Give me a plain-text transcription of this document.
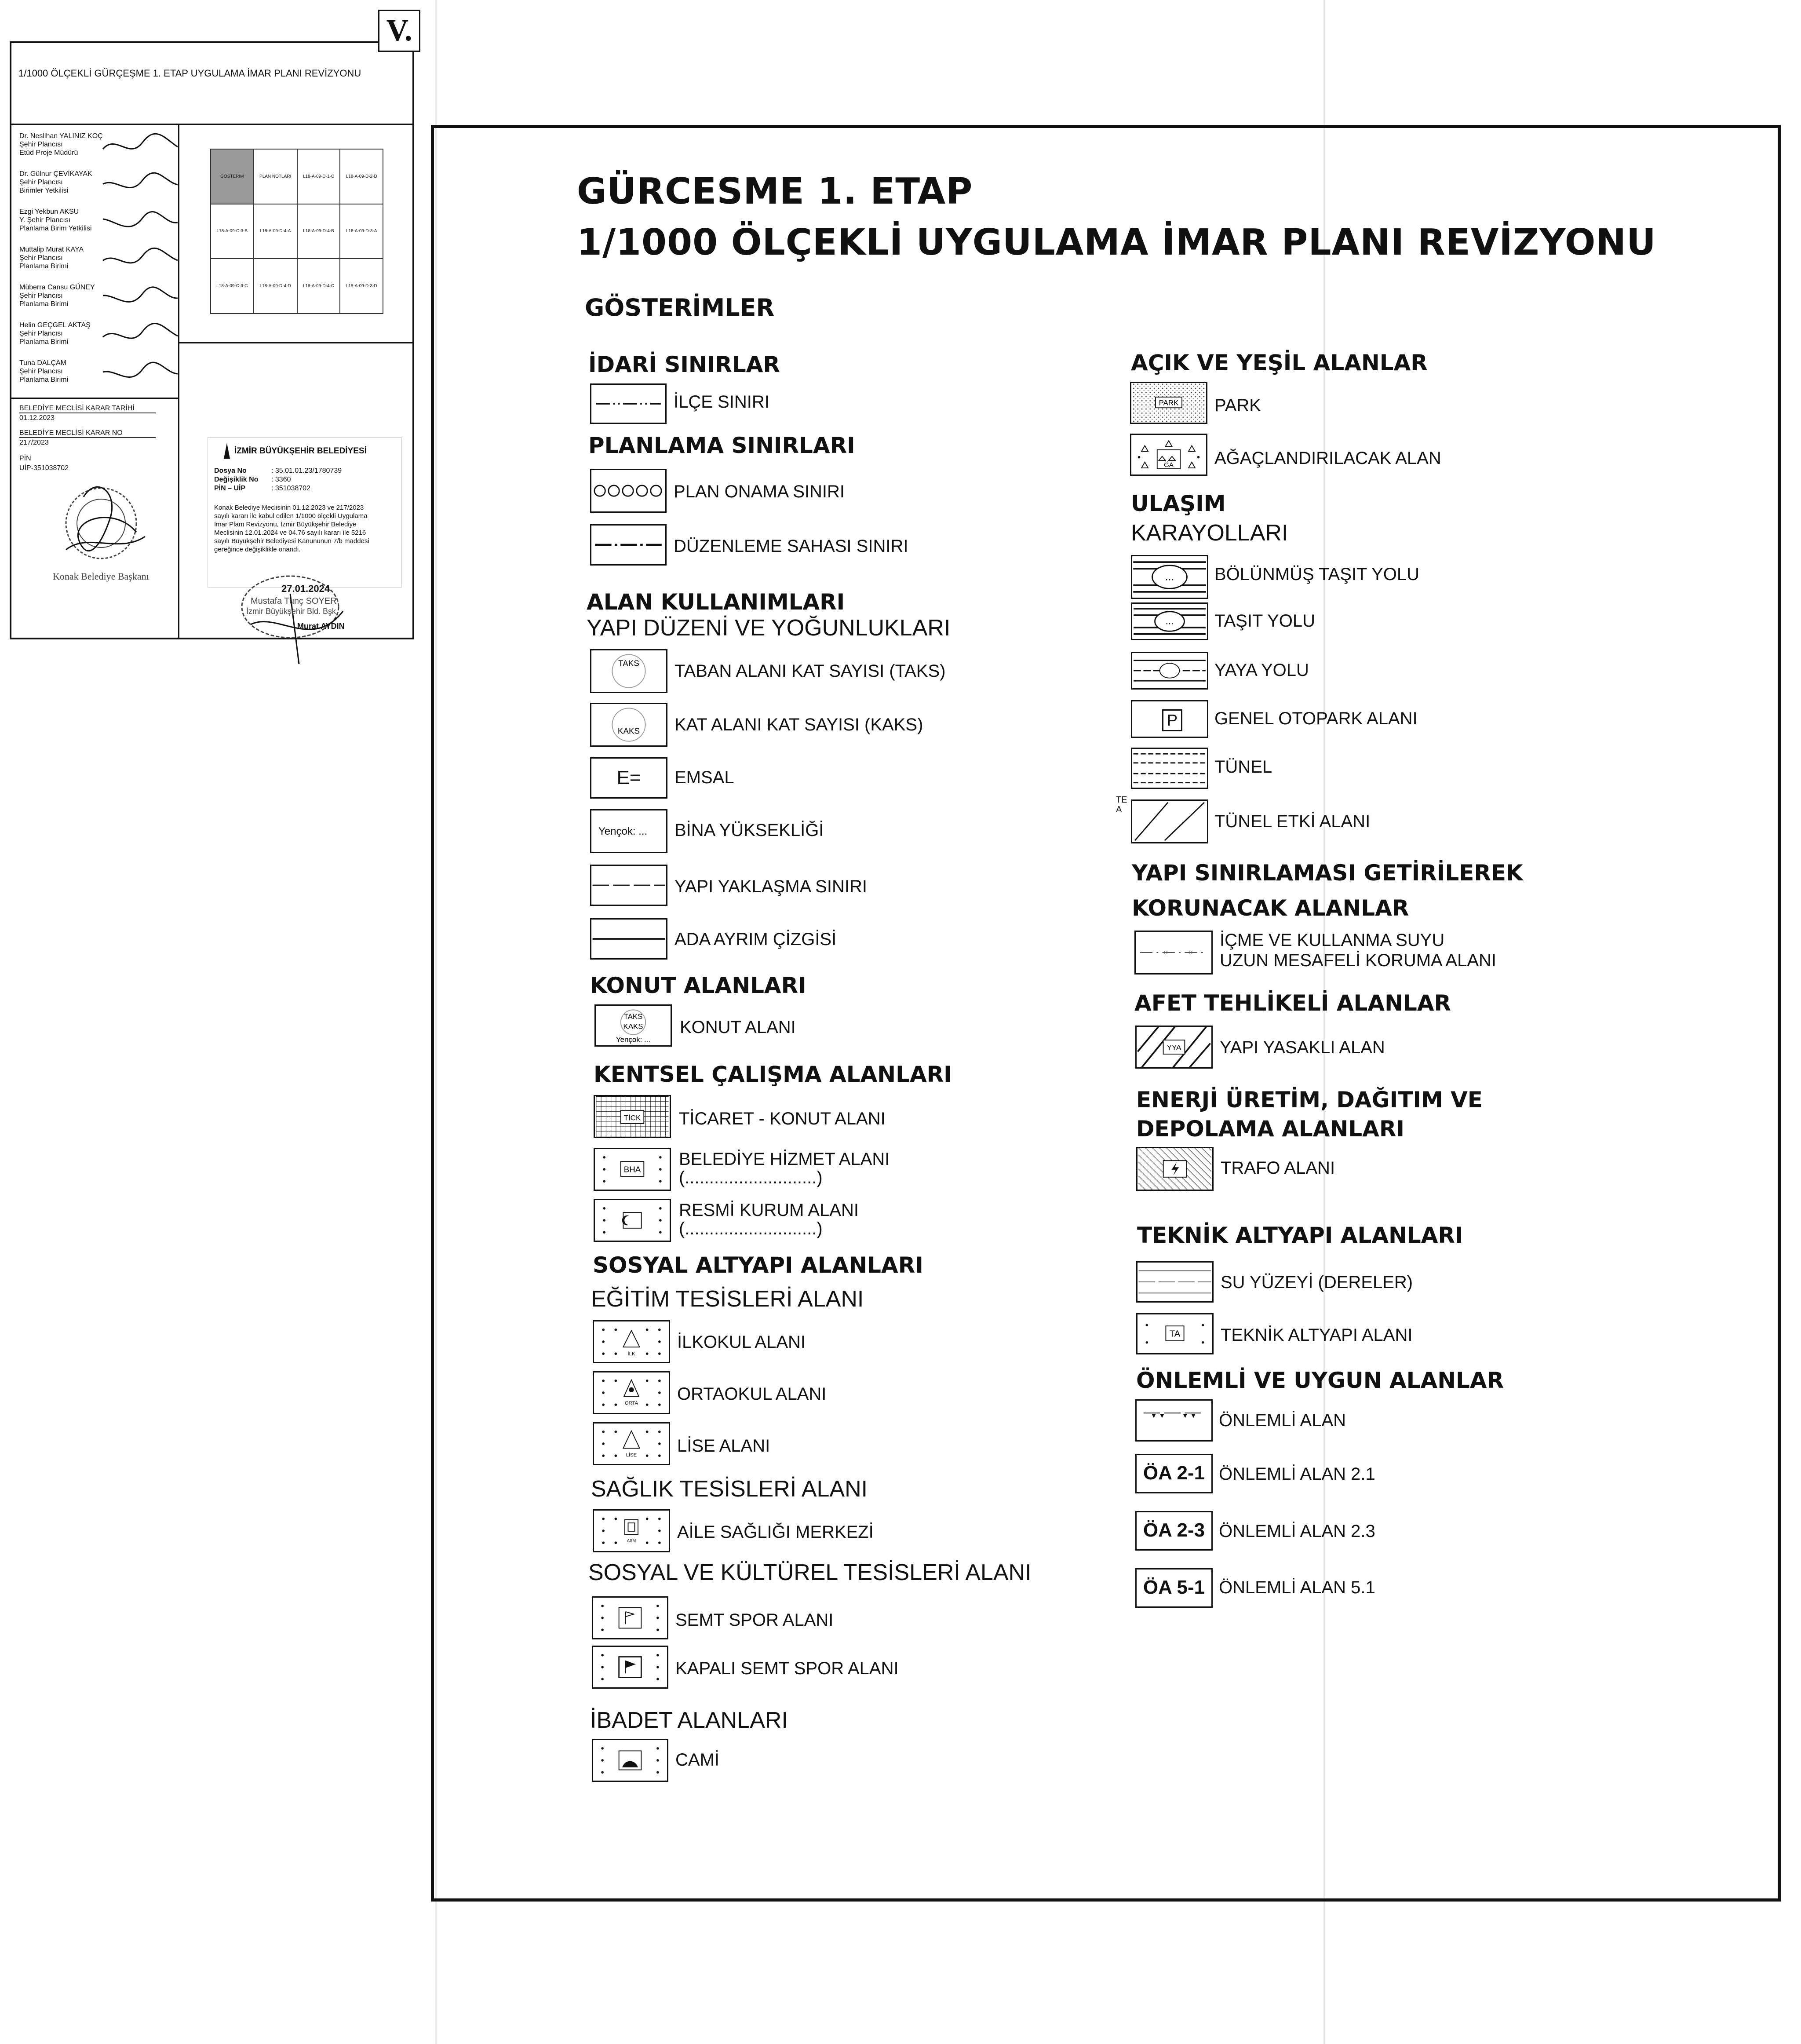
V.
1/1000 ÖLÇEKLİ GÜRÇEŞME 1. ETAP UYGULAMA İMAR PLANI REVİZYONU
Dr. Neslihan YALINIZ KOÇ
Şehir Plancısı
Etüd Proje Müdürü
Dr. Gülnur ÇEVİKAYAK
Şehir Plancısı
Birimler Yetkilisi
Ezgi Yekbun AKSU
Y. Şehir Plancısı
Planlama Birim Yetkilisi
Muttalip Murat KAYA
Şehir Plancısı
Planlama Birimi
Müberra Cansu GÜNEY
Şehir Plancısı
Planlama Birimi
Helin GEÇGEL AKTAŞ
Şehir Plancısı
Planlama Birimi
Tuna DALÇAM
Şehir Plancısı
Planlama Birimi
GÖSTERİM	PLAN NOTLARI	L18-A-09-D-1-C	L18-A-09-D-2-D
L18-A-09-C-3-B	L18-A-09-D-4-A	L18-A-09-D-4-B	L18-A-09-D-3-A
L18-A-09-C-3-C	L18-A-09-D-4-D	L18-A-09-D-4-C	L18-A-09-D-3-D
BELEDİYE MECLİSİ KARAR TARİHİ
01.12.2023
BELEDİYE MECLİSİ KARAR NO
217/2023
PİN
UİP-351038702
Konak Belediye Başkanı
İZMİR BÜYÜKŞEHİR BELEDİYESİ
Dosya No	: 35.01.01.23/1780739
Değişiklik No : 3360
PİN – UİP	: 351038702
Konak Belediye Meclisinin 01.12.2023 ve 217/2023
sayılı kararı ile kabul edilen 1/1000 ölçekli Uygulama
İmar Planı Revizyonu, İzmir Büyükşehir Belediye
Meclisinin 12.01.2024 ve 04.76 sayılı kararı ile 5216
sayılı Büyükşehir Belediyesi Kanununun 7/b maddesi
gereğince değişiklikle onandı.
27.01.2024
Mustafa Tunç SOYER
İzmir Büyükşehir Bld. Bşk.
Murat AYDIN
GÜRCESME 1. ETAP
1/1000 ÖLÇEKLİ UYGULAMA İMAR PLANI REVİZYONU
GÖSTERİMLER
İDARİ SINIRLAR
İLÇE SINIRI
PLANLAMA SINIRLARI
PLAN ONAMA SINIRI
DÜZENLEME SAHASI SINIRI
ALAN KULLANIMLARI
YAPI DÜZENİ VE YOĞUNLUKLARI
TAKS TABAN ALANI KAT SAYISI (TAKS)
KAKS KAT ALANI KAT SAYISI (KAKS)
E=	EMSAL
Yençok: ...	BİNA YÜKSEKLİĞİ
YAPI YAKLAŞMA SINIRI
ADA AYRIM ÇİZGİSİ
KONUT ALANLARI
TAKS
KAKS
Yençok: ...
KONUT ALANI
KENTSEL ÇALIŞMA ALANLARI
TİCK TİCARET - KONUT ALANI
BHA
BELEDİYE HİZMET ALANI
(...........................)
RESMİ KURUM ALANI
(...........................)
SOSYAL ALTYAPI ALANLARI
EĞİTİM TESİSLERİ ALANI
İLK
İLKOKUL ALANI
ORTA ORTAOKUL ALANI
LİSE LİSE ALANI
SAĞLIK TESİSLERİ ALANI
ASM AİLE SAĞLIĞI MERKEZİ
SOSYAL VE KÜLTÜREL TESİSLERİ ALANI
SEMT SPOR ALANI
KAPALI SEMT SPOR ALANI
İBADET ALANLARI
CAMİ
AÇIK VE YEŞİL ALANLAR
PARK PARK
ĞA AĞAÇLANDIRILACAK ALAN
ULAŞIM
KARAYOLLARI
... BÖLÜNMÜŞ TAŞIT YOLU
... TAŞIT YOLU
YAYA YOLU
P GENEL OTOPARK ALANI
TÜNEL
TEA
TÜNEL ETKİ ALANI
YAPI SINIRLAMASI GETİRİLEREK
KORUNACAK ALANLAR
İÇME VE KULLANMA SUYU
UZUN MESAFELİ KORUMA ALANI
AFET TEHLİKELİ ALANLAR
YYA YAPI YASAKLI ALAN
ENERJİ ÜRETİM, DAĞITIM VE
DEPOLAMA ALANLARI
TRAFO ALANI
TEKNİK ALTYAPI ALANLARI
SU YÜZEYİ (DERELER)
TA TEKNİK ALTYAPI ALANI
ÖNLEMLİ VE UYGUN ALANLAR
ÖNLEMLİ ALAN
ÖA 2-1 ÖNLEMLİ ALAN 2.1
ÖA 2-3 ÖNLEMLİ ALAN 2.3
ÖA 5-1 ÖNLEMLİ ALAN 5.1
